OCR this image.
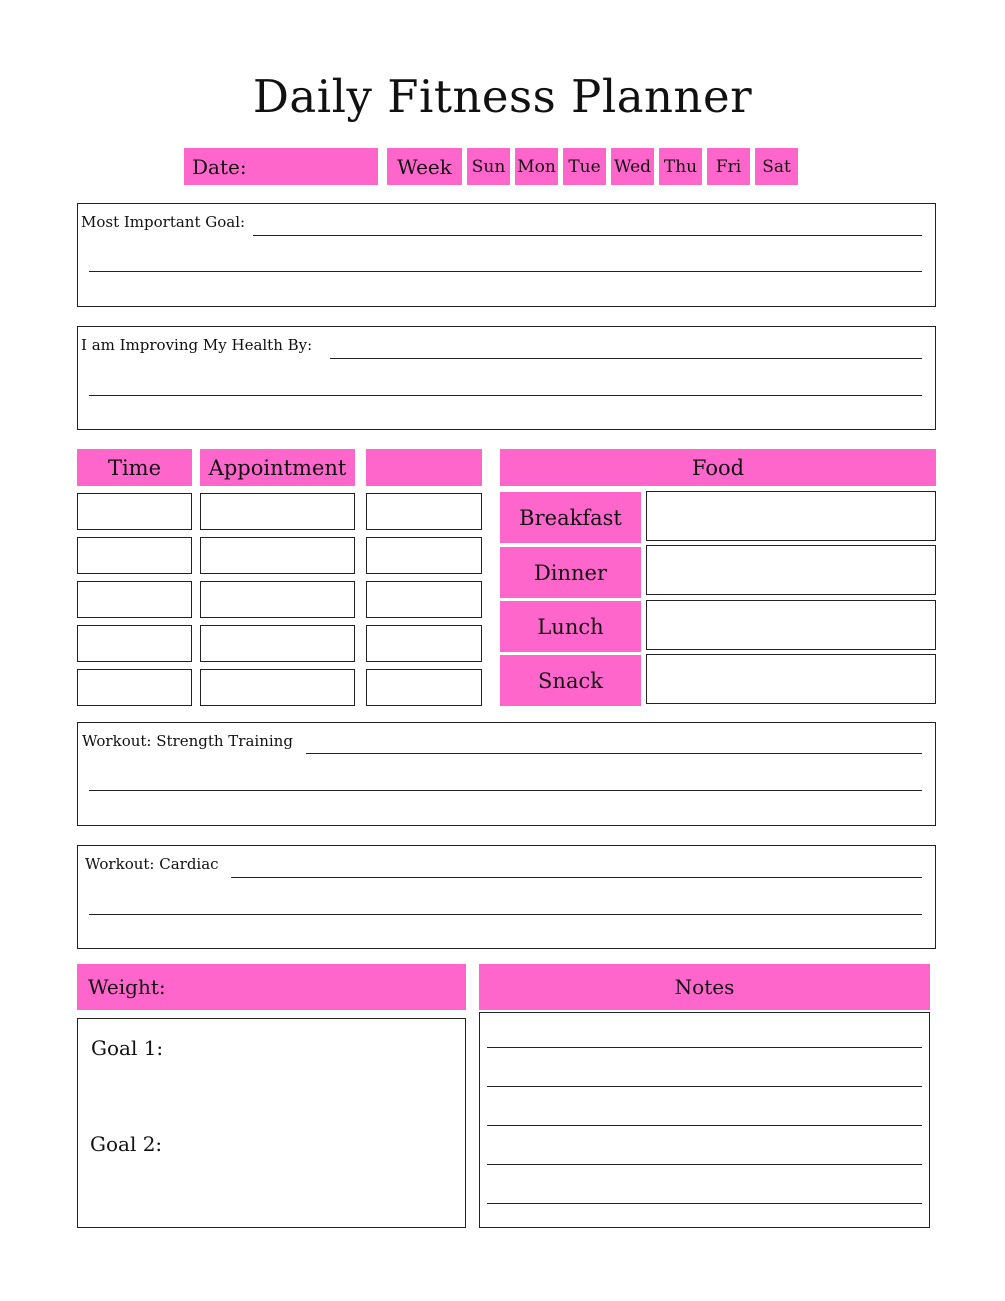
Daily Fitness Planner
Date:	Week Sun Mon Tue Wed Thu Fri Sat
Most Important Goal:
I am Improving My Health By:
Time Appointment	Food
Breakfast
Dinner
Lunch
Snack
Workout: Strength Training
Workout: Cardiac
Weight:
Goal 1:
Goal 2:
Notes
